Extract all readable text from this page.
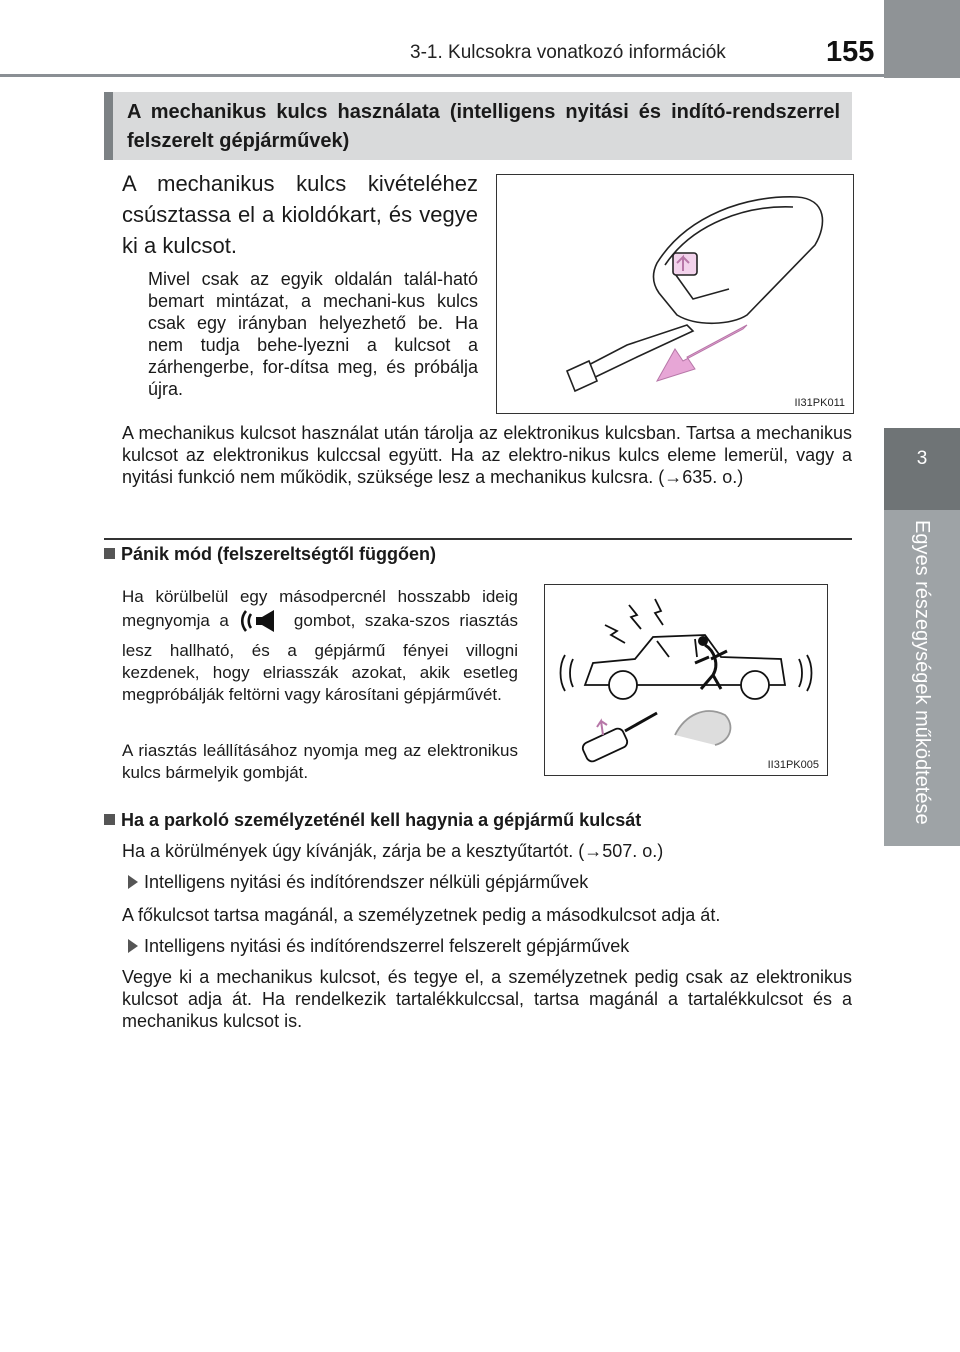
3-1. Kulcsokra vonatkozó információk	155
3
Egyes részegységek működtetése
A mechanikus kulcs használata (intelligens nyitási és indító-rendszerrel felszerelt gépjárművek)
A mechanikus kulcs kivételéhez csúsztassa el a kioldókart, és vegye ki a kulcsot.
Mivel csak az egyik oldalán talál-ható bemart mintázat, a mechani-kus kulcs csak egy irányban helyezhető be. Ha nem tudja behe-lyezni a kulcsot a zárhengerbe, for-dítsa meg, és próbálja újra.
II31PK011
A mechanikus kulcsot használat után tárolja az elektronikus kulcsban. Tartsa a mechanikus kulcsot az elektronikus kulccsal együtt. Ha az elektro-nikus kulcs eleme lemerül, vagy a nyitási funkció nem működik, szüksége lesz a mechanikus kulcsra. (→635. o.)
Pánik mód (felszereltségtől függően)
Ha körülbelül egy másodpercnél hosszabb ideig megnyomja a	gombot, szaka-szos riasztás lesz hallható, és a gépjármű fényei villogni kezdenek, hogy elriasszák azokat, akik esetleg megpróbálják feltörni vagy károsítani gépjárművét.
A riasztás leállításához nyomja meg az elektronikus kulcs bármelyik gombját.	II31PK005
Ha a parkoló személyzeténél kell hagynia a gépjármű kulcsát
Ha a körülmények úgy kívánják, zárja be a kesztyűtartót. (→507. o.)
Intelligens nyitási és indítórendszer nélküli gépjárművek
A főkulcsot tartsa magánál, a személyzetnek pedig a másodkulcsot adja át.
Intelligens nyitási és indítórendszerrel felszerelt gépjárművek
Vegye ki a mechanikus kulcsot, és tegye el, a személyzetnek pedig csak az elektronikus kulcsot adja át. Ha rendelkezik tartalékkulccsal, tartsa magánál a tartalékkulcsot és a mechanikus kulcsot is.
